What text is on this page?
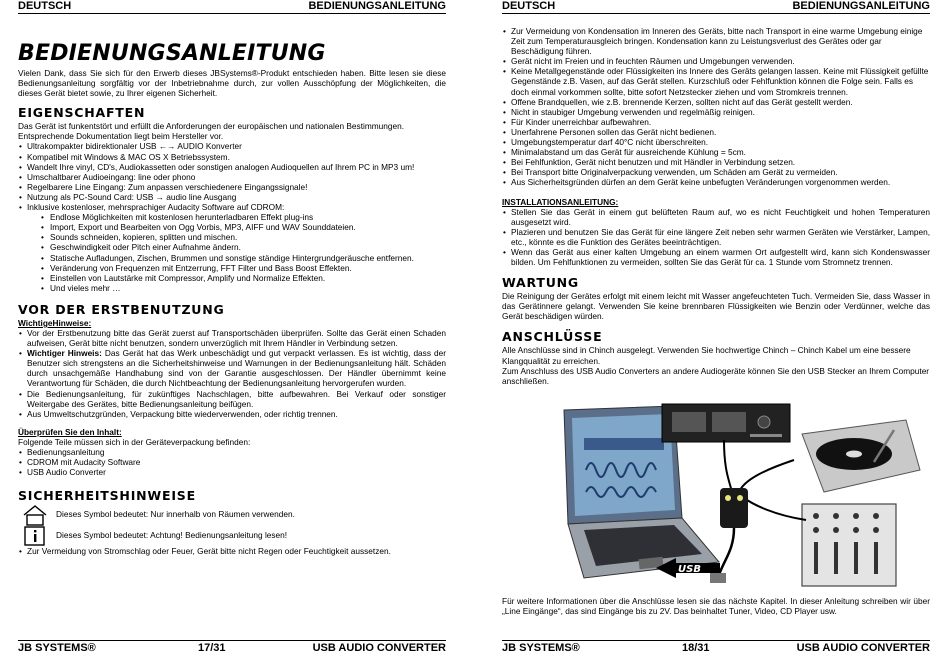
DEUTSCH	BEDIENUNGSANLEITUNG
BEDIENUNGSANLEITUNG

Vielen Dank, dass Sie sich für den Erwerb dieses JBSystems®-Produkt entschieden haben. Bitte lesen sie diese Bedienungsanleitung sorgfältig vor der Inbetriebnahme durch, zur vollen Ausschöpfung der Möglichkeiten, die dieses Gerät bietet sowie, zu Ihrer eigenen Sicherheit.

EIGENSCHAFTEN

Das Gerät ist funkentstört und erfüllt die Anforderungen der europäischen und nationalen Bestimmungen. Entsprechende Dokumentation liegt beim Hersteller vor.

• Ultrakompakter bidirektionaler USB ←→ AUDIO Konverter
• Kompatibel mit Windows & MAC OS X Betriebssystem.
• Wandelt Ihre vinyl, CD's, Audiokassetten oder sonstigen analogen Audioquellen auf Ihrem PC in MP3 um!
• Umschaltbarer Audioeingang: line oder phono
• Regelbarere Line Eingang: Zum anpassen verschiedenere Eingangssignale!
• Nutzung als PC-Sound Card: USB → audio line Ausgang
• Inklusive kostenloser, mehrsprachiger Audacity Software auf CDROM:
• Endlose Möglichkeiten mit kostenlosen herunterladbaren Effekt plug-ins
• Import, Export und Bearbeiten von Ogg Vorbis, MP3, AIFF und WAV Sounddateien.
• Sounds schneiden, kopieren, splitten und mischen.
• Geschwindigkeit oder Pitch einer Aufnahme ändern.
• Statische Aufladungen, Zischen, Brummen und sonstige ständige Hintergrundgeräusche entfernen.
• Veränderung von Frequenzen mit Entzerrung, FFT Filter und Bass Boost Effekten.
• Einstellen von Lautstärke mit Compressor, Amplify und Normalize Effekten.
• Und vieles mehr …
VOR DER ERSTBENUTZUNG
WichtigeHinweise:
• Vor der Erstbenutzung bitte das Gerät zuerst auf Transportschäden überprüfen. Sollte das Gerät einen Schaden aufweisen, Gerät bitte nicht benutzen, sondern unverzüglich mit Ihrem Händler in Verbindung setzen.
• Wichtiger Hinweis: Das Gerät hat das Werk unbeschädigt und gut verpackt verlassen. Es ist wichtig, dass der Benutzer sich strengstens an die Sicherheitshinweise und Warnungen in der Bedienungsanleitung hält. Schäden durch unsachgemäße Handhabung sind von der Garantie ausgeschlossen. Der Händler übernimmt keine Verantwortung für Schäden, die durch Nichtbeachtung der Bedienungsanleitung hervorgerufen wurden.
• Die Bedienungsanleitung, für zukünftiges Nachschlagen, bitte aufbewahren. Bei Verkauf oder sonstiger Weitergabe des Gerätes, bitte Bedienungsanleitung beifügen.
• Aus Umweltschutzgründen, Verpackung bitte wiederverwenden, oder richtig trennen.
Überprüfen Sie den Inhalt:

Folgende Teile müssen sich in der Geräteverpackung befinden:

• Bedienungsanleitung
• CDROM mit Audacity Software
• USB Audio Converter
SICHERHEITSHINWEISE
Dieses Symbol bedeutet: Nur innerhalb von Räumen verwenden.
Dieses Symbol bedeutet: Achtung! Bedienungsanleitung lesen!
• Zur Vermeidung von Stromschlag oder Feuer, Gerät bitte nicht Regen oder Feuchtigkeit aussetzen.
JB SYSTEMS®	17/31	USB AUDIO CONVERTER
DEUTSCH	BEDIENUNGSANLEITUNG
• Zur Vermeidung von Kondensation im Inneren des Geräts, bitte nach Transport in eine warme Umgebung einige Zeit zum Temperaturausgleich bringen. Kondensation kann zu Leistungsverlust des Gerätes oder gar Beschädigung führen.
• Gerät nicht im Freien und in feuchten Räumen und Umgebungen verwenden.
• Keine Metallgegenstände oder Flüssigkeiten ins Innere des Geräts gelangen lassen. Keine mit Flüssigkeit gefüllte Gegenstände z.B. Vasen, auf das Gerät stellen. Kurzschluß oder Fehlfunktion können die Folge sein. Falls es doch einmal vorkommen sollte, bitte sofort Netzstecker ziehen und vom Stromkreis trennen.
• Offene Brandquellen, wie z.B. brennende Kerzen, sollten nicht auf das Gerät gestellt werden.
• Nicht in staubiger Umgebung verwenden und regelmäßig reinigen.
• Für Kinder unerreichbar aufbewahren.
• Unerfahrene Personen sollen das Gerät nicht bedienen.
• Umgebungstemperatur darf 40°C nicht überschreiten.
• Minimalabstand um das Gerät für ausreichende Kühlung = 5cm.
• Bei Fehlfunktion, Gerät nicht benutzen und mit Händler in Verbindung setzen.
• Bei Transport bitte Originalverpackung verwenden, um Schäden am Gerät zu vermeiden.
• Aus Sicherheitsgründen dürfen an dem Gerät keine unbefugten Veränderungen vorgenommen werden.
INSTALLATIONSANLEITUNG:
• Stellen Sie das Gerät in einem gut belüfteten Raum auf, wo es nicht Feuchtigkeit und hohen Temperaturen ausgesetzt wird.
• Plazieren und benutzen Sie das Gerät für eine längere Zeit neben sehr warmen Geräten wie Verstärker, Lampen, etc., könnte es die Funktion des Gerätes beeinträchtigen.
• Wenn das Gerät aus einer kalten Umgebung an einem warmen Ort aufgestellt wird, kann sich Kondenswasser bilden. Um Fehlfunktionen zu vermeiden, sollten Sie das Gerät für ca. 1 Stunde vom Stromnetz trennen.
WARTUNG

Die Reinigung der Gerätes erfolgt mit einem leicht mit Wasser angefeuchteten Tuch. Vermeiden Sie, dass Wasser in das Gerätinnere gelangt. Verwenden Sie keine brennbaren Flüssigkeiten wie Benzin oder Verdünner, welche das Gerät beschädigen würden.

ANSCHLÜSSE

Alle Anschlüsse sind in Chinch ausgelegt. Verwenden Sie hochwertige Chinch – Chinch Kabel um eine bessere Klangqualität zu erreichen.

Zum Anschluss des USB Audio Converters an andere Audiogeräte können Sie den USB Stecker an Ihrem Computer anschließen.

USB

Für weitere Informationen über die Anschlüsse lesen sie das nächste Kapitel. In dieser Anleitung schreiben wir über „Line Eingänge“, das sind Eingänge bis zu 2V. Das beinhaltet Tuner, Video, CD Player usw.

JB SYSTEMS®	18/31	USB AUDIO CONVERTER
